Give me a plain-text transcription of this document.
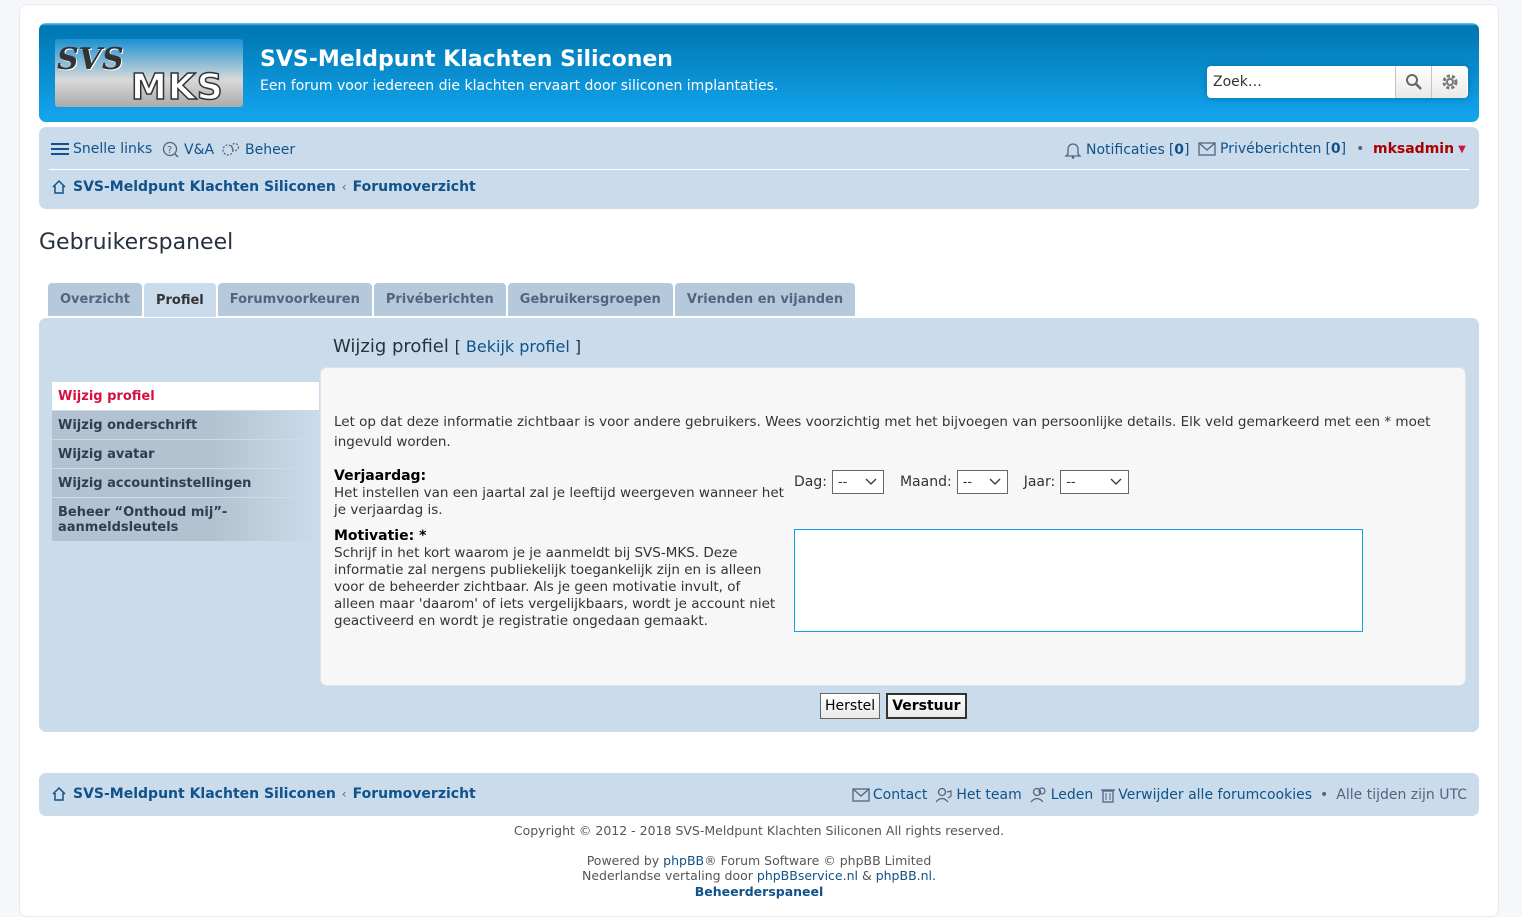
SVS
MKS
SVS-Meldpunt Klachten Siliconen
Een forum voor iedereen die klachten ervaart door siliconen implantaties.
Zoek…
Snelle links ? V&A Beheer	Notificaties [0] Privéberichten [0] • mksadmin ▼
SVS-Meldpunt Klachten Siliconen ‹ Forumoverzicht
Gebruikerspaneel
Overzicht	Profiel	Forumvoorkeuren	Privéberichten	Gebruikersgroepen	Vrienden en vijanden
Wijzig profiel [ Bekijk profiel ]
Wijzig profiel
Wijzig onderschrift
Wijzig avatar
Wijzig accountinstellingen
Beheer “Onthoud mij”-aanmeldsleutels
Let op dat deze informatie zichtbaar is voor andere gebruikers. Wees voorzichtig met het bijvoegen van persoonlijke details. Elk veld gemarkeerd met een * moet ingevuld worden.
Verjaardag:
Het instellen van een jaartal zal je leeftijd weergeven wanneer het je verjaardag is.
Dag: --	Maand: --	Jaar: --
Motivatie: *
Schrijf in het kort waarom je je aanmeldt bij SVS-MKS. Deze informatie zal nergens publiekelijk toegankelijk zijn en is alleen voor de beheerder zichtbaar. Als je geen motivatie invult, of alleen maar 'daarom' of iets vergelijkbaars, wordt je account niet geactiveerd en wordt je registratie ongedaan gemaakt.
Herstel	Verstuur
SVS-Meldpunt Klachten Siliconen ‹ Forumoverzicht	Contact Het team Leden Verwijder alle forumcookies • Alle tijden zijn UTC
Copyright © 2012 - 2018 SVS-Meldpunt Klachten Siliconen All rights reserved.
Powered by phpBB® Forum Software © phpBB Limited
Nederlandse vertaling door phpBBservice.nl & phpBB.nl.
Beheerderspaneel
